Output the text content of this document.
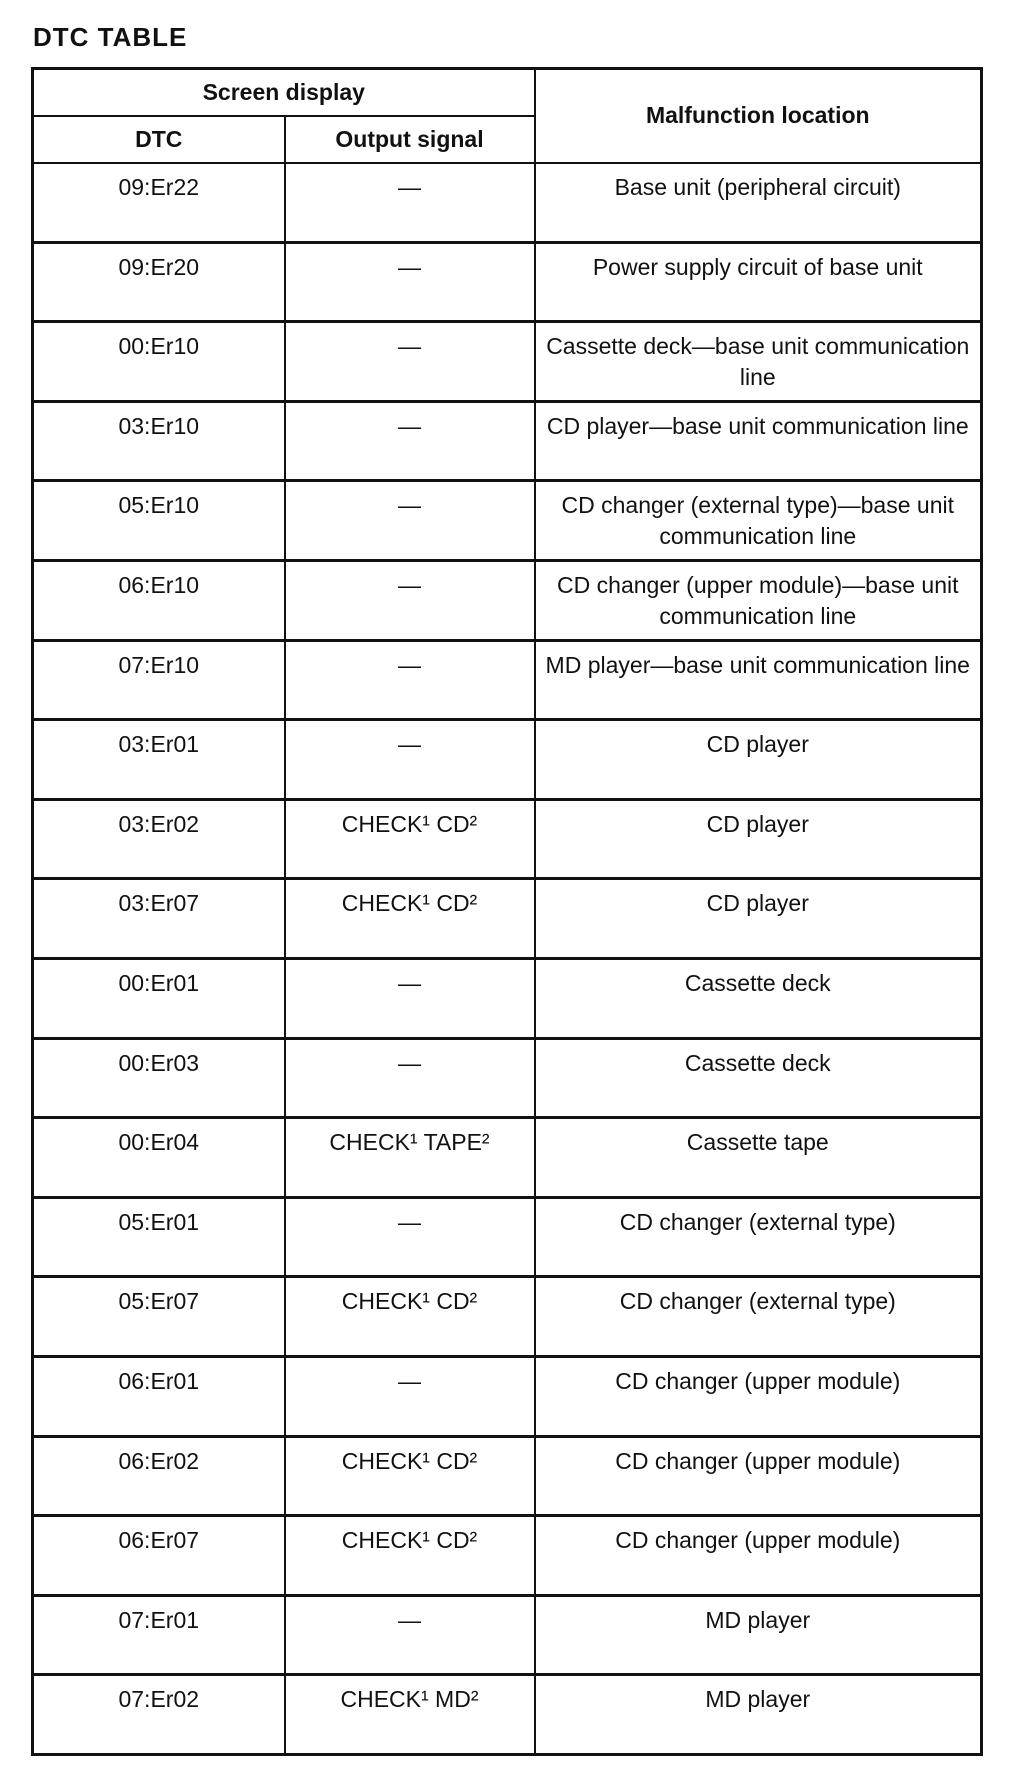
DTC TABLE
Screen display		Malfunction location
DTC	Output signal	
09:Er22	—	Base unit (peripheral circuit)
09:Er20	—	Power supply circuit of base unit
00:Er10	—	Cassette deck—base unit communication line
03:Er10	—	CD player—base unit communication line
05:Er10	—	CD changer (external type)—base unit communication line
06:Er10	—	CD changer (upper module)—base unit communication line
07:Er10	—	MD player—base unit communication line
03:Er01	—	CD player
03:Er02	CHECK¹ CD²	CD player
03:Er07	CHECK¹ CD²	CD player
00:Er01	—	Cassette deck
00:Er03	—	Cassette deck
00:Er04	CHECK¹ TAPE²	Cassette tape
05:Er01	—	CD changer (external type)
05:Er07	CHECK¹ CD²	CD changer (external type)
06:Er01	—	CD changer (upper module)
06:Er02	CHECK¹ CD²	CD changer (upper module)
06:Er07	CHECK¹ CD²	CD changer (upper module)
07:Er01	—	MD player
07:Er02	CHECK¹ MD²	MD player
